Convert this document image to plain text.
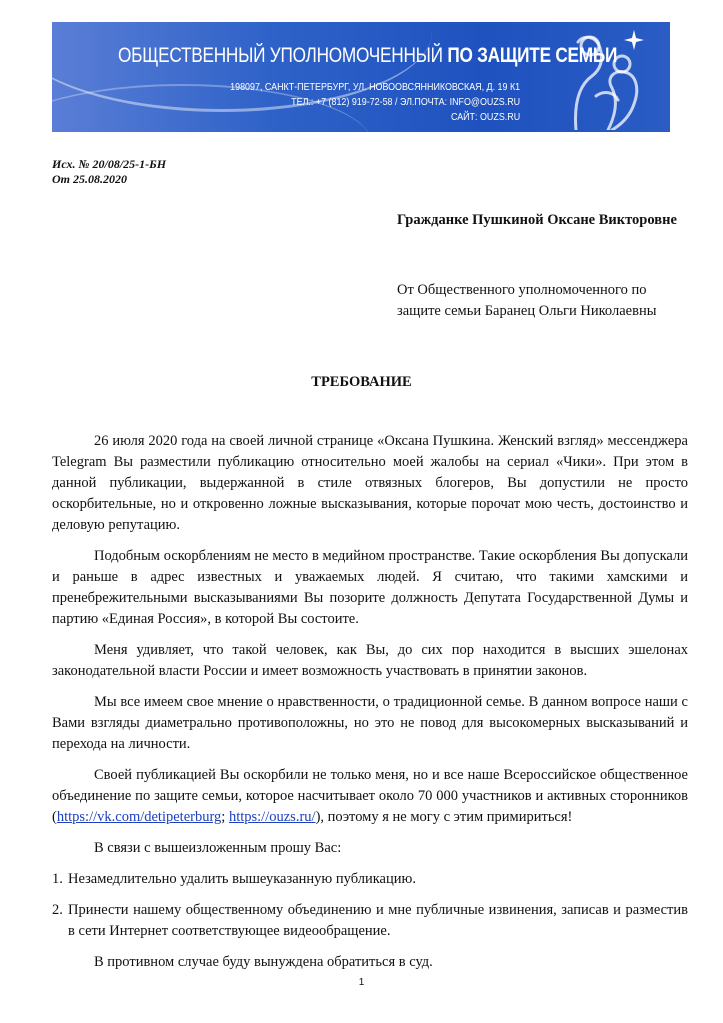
ОБЩЕСТВЕННЫЙ УПОЛНОМОЧЕННЫЙ ПО ЗАЩИТЕ СЕМЬИ
198097, САНКТ-ПЕТЕРБУРГ, УЛ. НОВООВСЯННИКОВСКАЯ, Д. 19 К1
ТЕЛ.: +7 (812) 919-72-58 / ЭЛ.ПОЧТА: INFO@OUZS.RU
САЙТ: OUZS.RU
Исх. № 20/08/25-1-БН
От 25.08.2020
Гражданке Пушкиной Оксане Викторовне
От Общественного уполномоченного по
защите семьи Баранец Ольги Николаевны
ТРЕБОВАНИЕ

26 июля 2020 года на своей личной странице «Оксана Пушкина. Женский взгляд» мессенджера Telegram Вы разместили публикацию относительно моей жалобы на сериал «Чики». При этом в данной публикации, выдержанной в стиле отвязных блогеров, Вы допустили не просто оскорбительные, но и откровенно ложные высказывания, которые порочат мою честь, достоинство и деловую репутацию.

Подобным оскорблениям не место в медийном пространстве. Такие оскорбления Вы допускали и раньше в адрес известных и уважаемых людей. Я считаю, что такими хамскими и пренебрежительными высказываниями Вы позорите должность Депутата Государственной Думы и партию «Единая Россия», в которой Вы состоите.

Меня удивляет, что такой человек, как Вы, до сих пор находится в высших эшелонах законодательной власти России и имеет возможность участвовать в принятии законов.

Мы все имеем свое мнение о нравственности, о традиционной семье. В данном вопросе наши с Вами взгляды диаметрально противоположны, но это не повод для высокомерных высказываний и перехода на личности.

Своей публикацией Вы оскорбили не только меня, но и все наше Всероссийское общественное объединение по защите семьи, которое насчитывает около 70 000 участников и активных сторонников (https://vk.com/detipeterburg; https://ouzs.ru/), поэтому я не могу с этим примириться!

В связи с вышеизложенным прошу Вас:

1. Незамедлительно удалить вышеуказанную публикацию.
2. Принести нашему общественному объединению и мне публичные извинения, записав и разместив в сети Интернет соответствующее видеообращение.

В противном случае буду вынуждена обратиться в суд.

1
